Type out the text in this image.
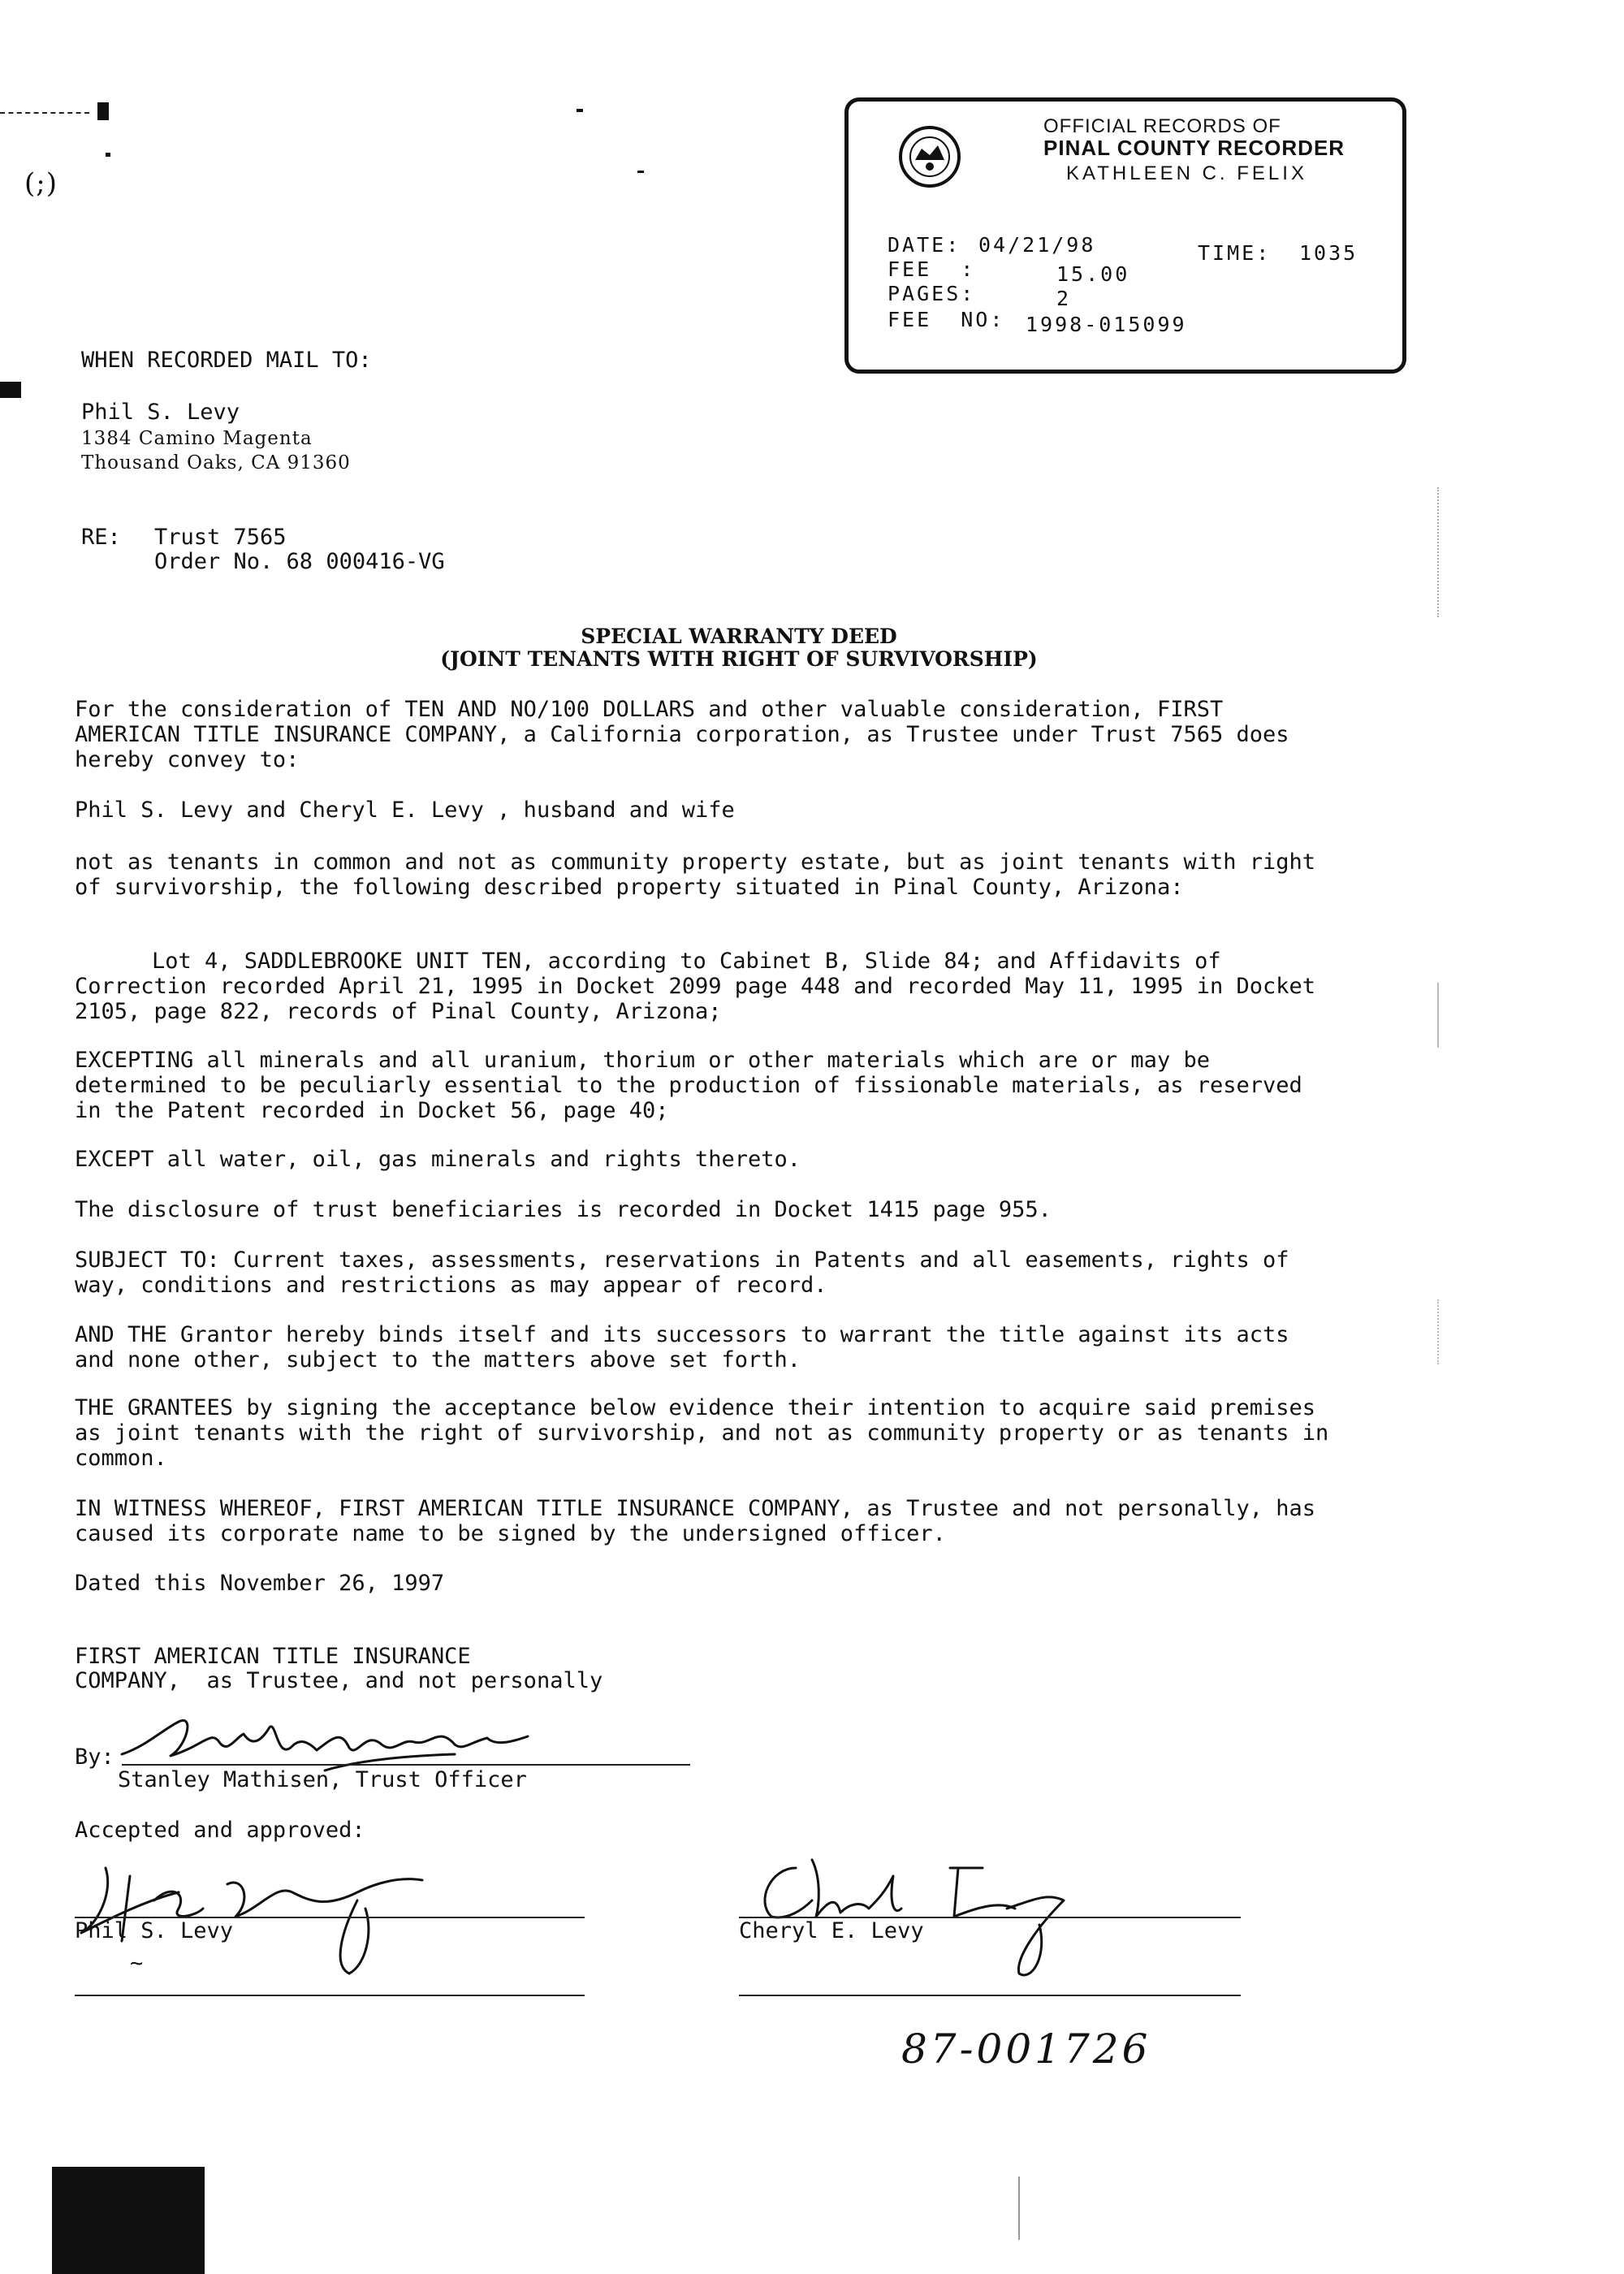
(;)
OFFICIAL RECORDS OF
PINAL COUNTY RECORDER
KATHLEEN C. FELIX
DATE: 04/21/98	TIME: 1035
FEE  :	15.00
PAGES:	2
FEE  NO: 1998-015099
WHEN RECORDED MAIL TO:
Phil S. Levy
1384 Camino Magenta
Thousand Oaks, CA 91360
RE: Trust 7565
Order No. 68 000416-VG
SPECIAL WARRANTY DEED
(JOINT TENANTS WITH RIGHT OF SURVIVORSHIP)
For the consideration of TEN AND NO/100 DOLLARS and other valuable consideration, FIRST AMERICAN TITLE INSURANCE COMPANY, a California corporation, as Trustee under Trust 7565 does hereby convey to:
Phil S. Levy and Cheryl E. Levy , husband and wife
not as tenants in common and not as community property estate, but as joint tenants with right of survivorship, the following described property situated in Pinal County, Arizona:
Lot 4, SADDLEBROOKE UNIT TEN, according to Cabinet B, Slide 84; and Affidavits of Correction recorded April 21, 1995 in Docket 2099 page 448 and recorded May 11, 1995 in Docket 2105, page 822, records of Pinal County, Arizona;
EXCEPTING all minerals and all uranium, thorium or other materials which are or may be determined to be peculiarly essential to the production of fissionable materials, as reserved in the Patent recorded in Docket 56, page 40;
EXCEPT all water, oil, gas minerals and rights thereto.
The disclosure of trust beneficiaries is recorded in Docket 1415 page 955.
SUBJECT TO: Current taxes, assessments, reservations in Patents and all easements, rights of way, conditions and restrictions as may appear of record.
AND THE Grantor hereby binds itself and its successors to warrant the title against its acts and none other, subject to the matters above set forth.
THE GRANTEES by signing the acceptance below evidence their intention to acquire said premises as joint tenants with the right of survivorship, and not as community property or as tenants in common.
IN WITNESS WHEREOF, FIRST AMERICAN TITLE INSURANCE COMPANY, as Trustee and not personally, has caused its corporate name to be signed by the undersigned officer.
Dated this November 26, 1997
FIRST AMERICAN TITLE INSURANCE
COMPANY,  as Trustee, and not personally
By:
Stanley Mathisen, Trust Officer
Accepted and approved:
Phil S. Levy
~
Cheryl E. Levy
87-001726
